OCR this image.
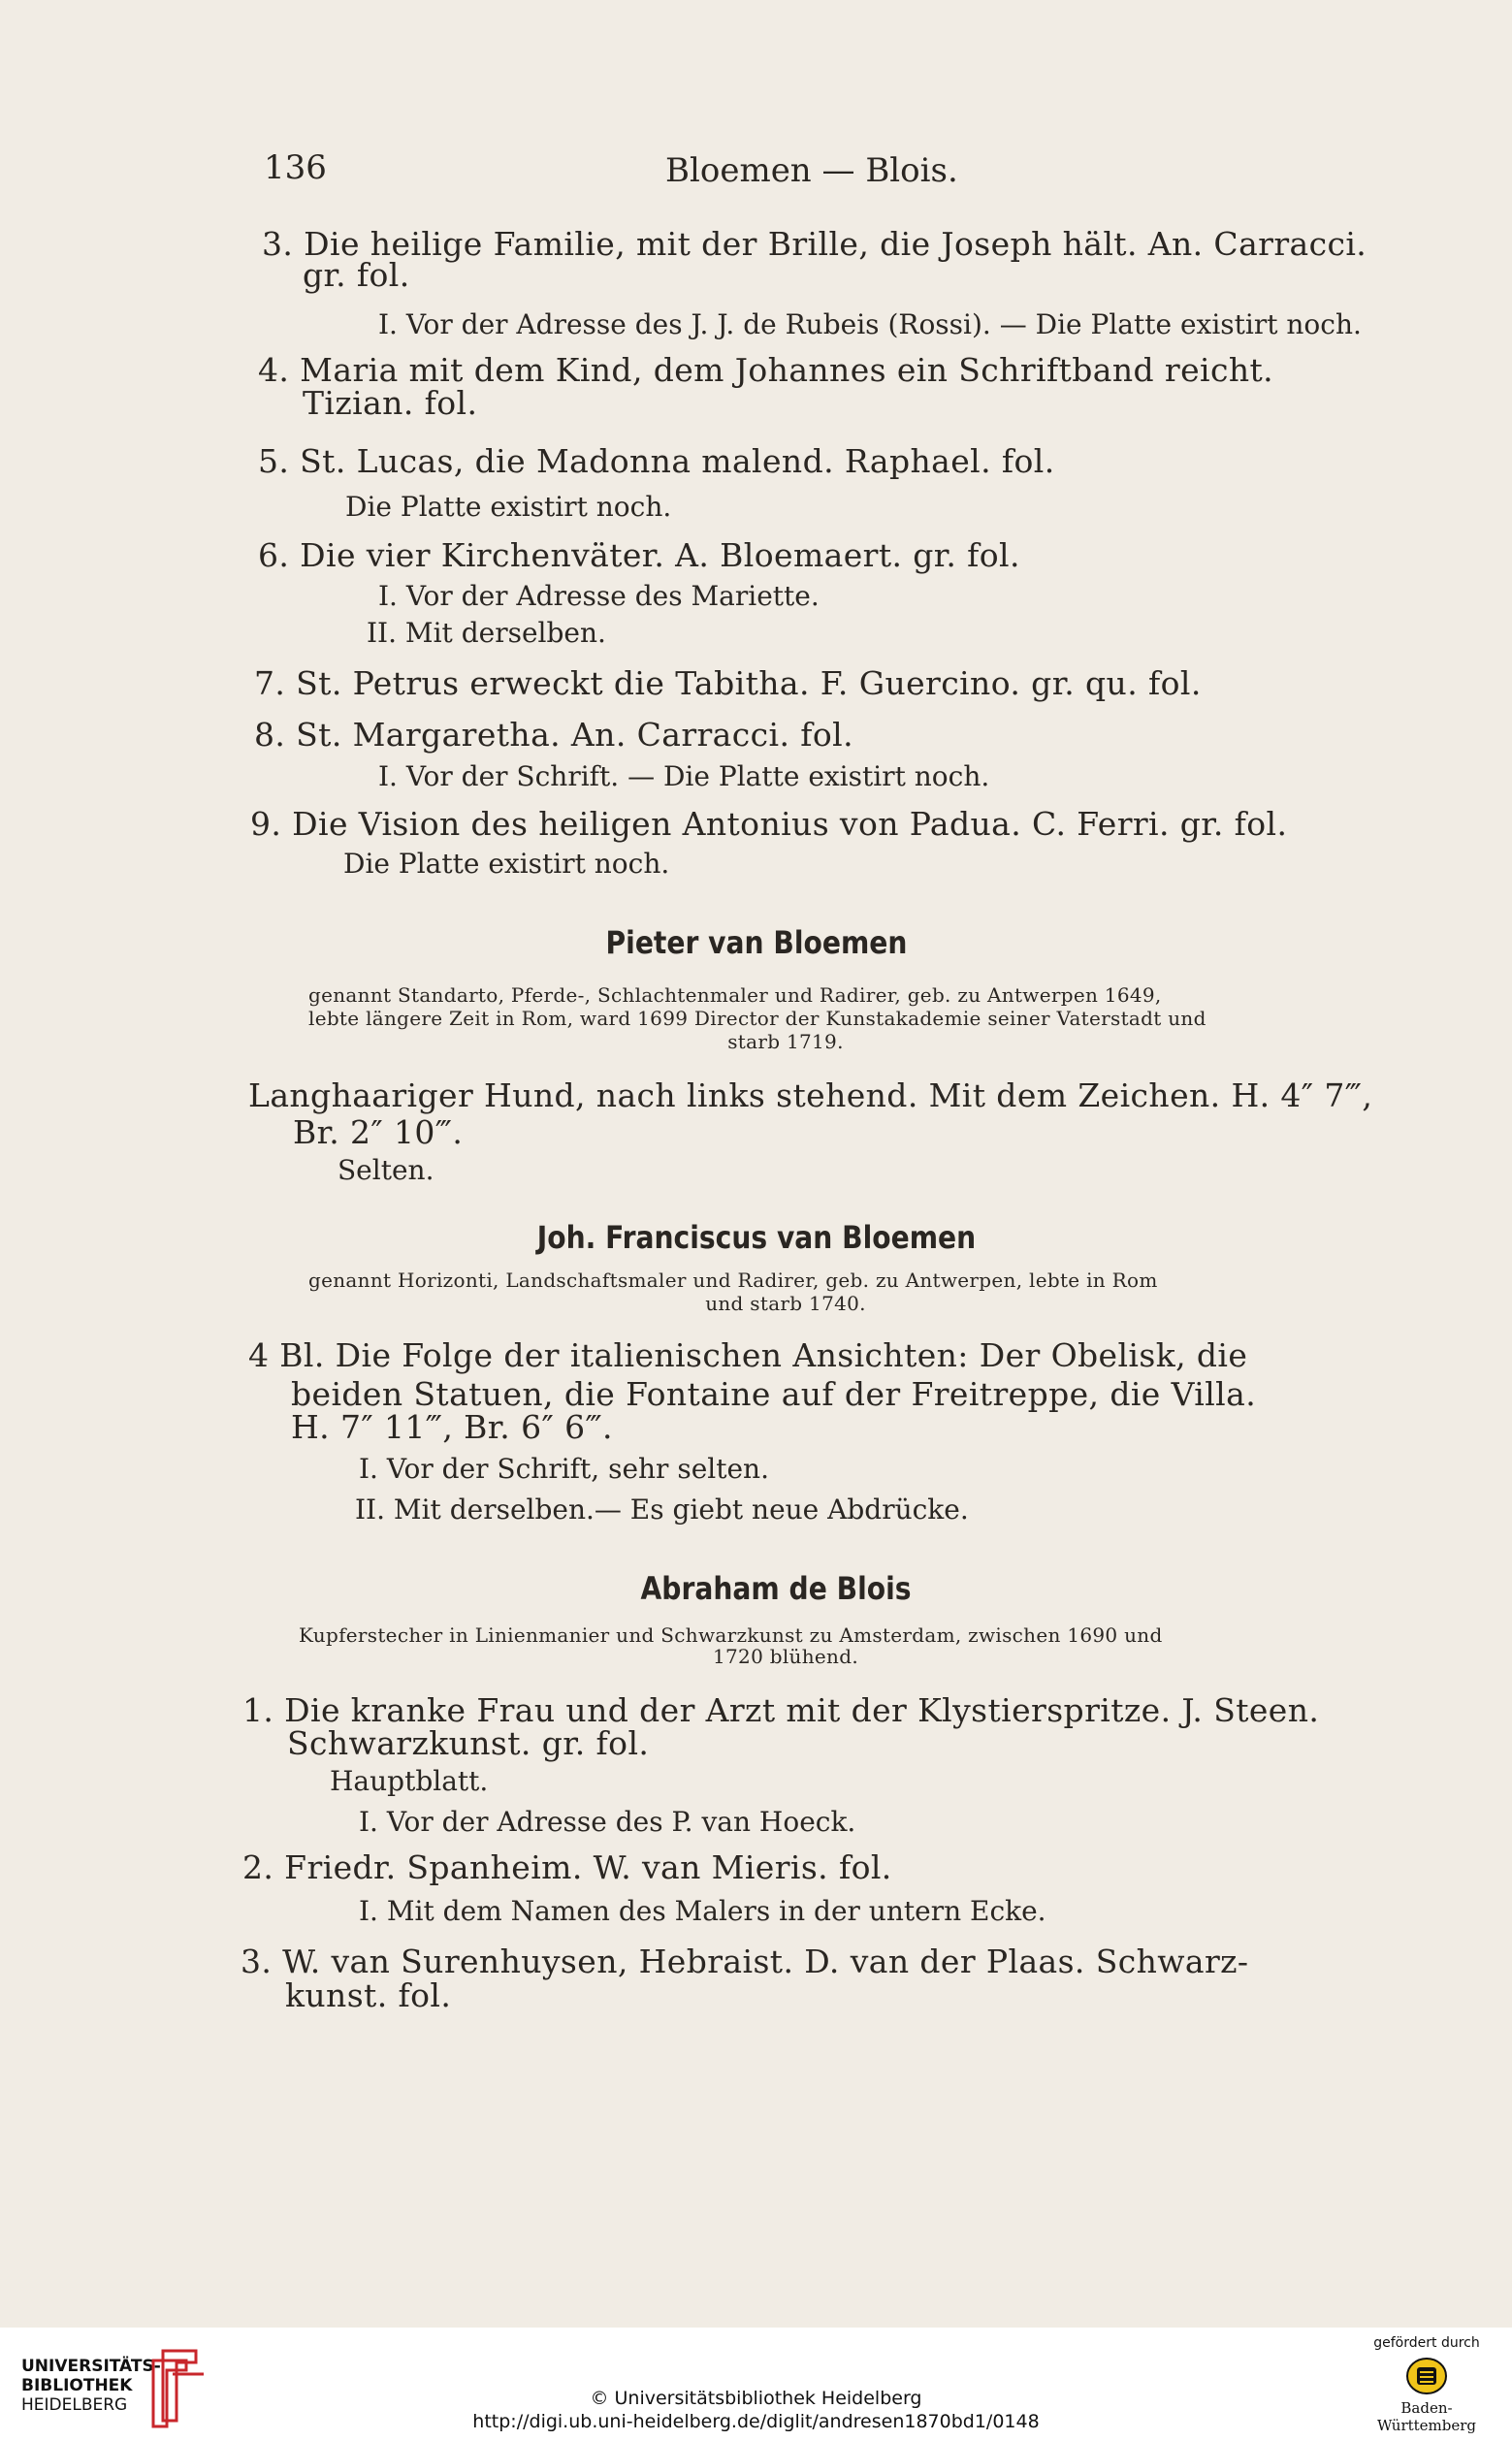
136	Bloemen — Blois.
3. Die heilige Familie, mit der Brille, die Joseph hält. An. Carracci.
gr. fol.
I. Vor der Adresse des J. J. de Rubeis (Rossi). — Die Platte existirt noch.
4. Maria mit dem Kind, dem Johannes ein Schriftband reicht.
Tizian. fol.
5. St. Lucas, die Madonna malend. Raphael. fol.
Die Platte existirt noch.
6. Die vier Kirchenväter. A. Bloemaert. gr. fol.
I. Vor der Adresse des Mariette.
II. Mit derselben.
7. St. Petrus erweckt die Tabitha. F. Guercino. gr. qu. fol.
8. St. Margaretha. An. Carracci. fol.
I. Vor der Schrift. — Die Platte existirt noch.
9. Die Vision des heiligen Antonius von Padua. C. Ferri. gr. fol.
Die Platte existirt noch.
Pieter van Bloemen
genannt Standarto, Pferde-, Schlachtenmaler und Radirer, geb. zu Antwerpen 1649,
lebte längere Zeit in Rom, ward 1699 Director der Kunstakademie seiner Vaterstadt und
starb 1719.
Langhaariger Hund, nach links stehend. Mit dem Zeichen. H. 4″ 7‴,
Br. 2″ 10‴.
Selten.
Joh. Franciscus van Bloemen
genannt Horizonti, Landschaftsmaler und Radirer, geb. zu Antwerpen, lebte in Rom
und starb 1740.
4 Bl. Die Folge der italienischen Ansichten: Der Obelisk, die
beiden Statuen, die Fontaine auf der Freitreppe, die Villa.
H. 7″ 11‴, Br. 6″ 6‴.
I. Vor der Schrift, sehr selten.
II. Mit derselben.— Es giebt neue Abdrücke.
Abraham de Blois
Kupferstecher in Linienmanier und Schwarzkunst zu Amsterdam, zwischen 1690 und
1720 blühend.
1. Die kranke Frau und der Arzt mit der Klystierspritze. J. Steen.
Schwarzkunst. gr. fol.
Hauptblatt.
I. Vor der Adresse des P. van Hoeck.
2. Friedr. Spanheim. W. van Mieris. fol.
I. Mit dem Namen des Malers in der untern Ecke.
3. W. van Surenhuysen, Hebraist. D. van der Plaas. Schwarz-
kunst. fol.
UNIVERSITÄTS-
BIBLIOTHEK
HEIDELBERG	© Universitätsbibliothek Heidelberg
http://digi.ub.uni-heidelberg.de/diglit/andresen1870bd1/0148
gefördert durch
Baden-Württemberg
